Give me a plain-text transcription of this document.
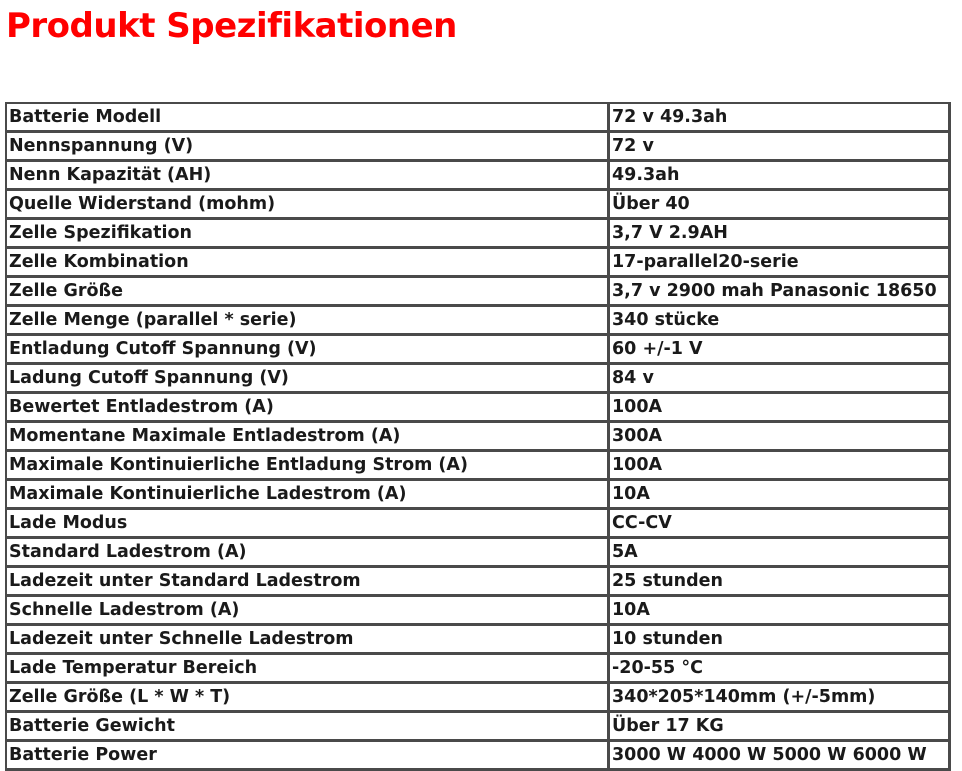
Produkt Spezifikationen
Batterie Modell	72 v 49.3ah
Nennspannung (V)	72 v
Nenn Kapazität (AH)	49.3ah
Quelle Widerstand (mohm)	Über 40
Zelle Spezifikation	3,7 V 2.9AH
Zelle Kombination	17-parallel20-serie
Zelle Größe	3,7 v 2900 mah Panasonic 18650
Zelle Menge (parallel * serie)	340 stücke
Entladung Cutoff Spannung (V)	60 +/-1 V
Ladung Cutoff Spannung (V)	84 v
Bewertet Entladestrom (A)	100A
Momentane Maximale Entladestrom (A)	300A
Maximale Kontinuierliche Entladung Strom (A)	100A
Maximale Kontinuierliche Ladestrom (A)	10A
Lade Modus	CC-CV
Standard Ladestrom (A)	5A
Ladezeit unter Standard Ladestrom	25 stunden
Schnelle Ladestrom (A)	10A
Ladezeit unter Schnelle Ladestrom	10 stunden
Lade Temperatur Bereich	-20-55 °C
Zelle Größe (L * W * T)	340*205*140mm (+/-5mm)
Batterie Gewicht	Über 17 KG
Batterie Power	3000 W 4000 W 5000 W 6000 W
